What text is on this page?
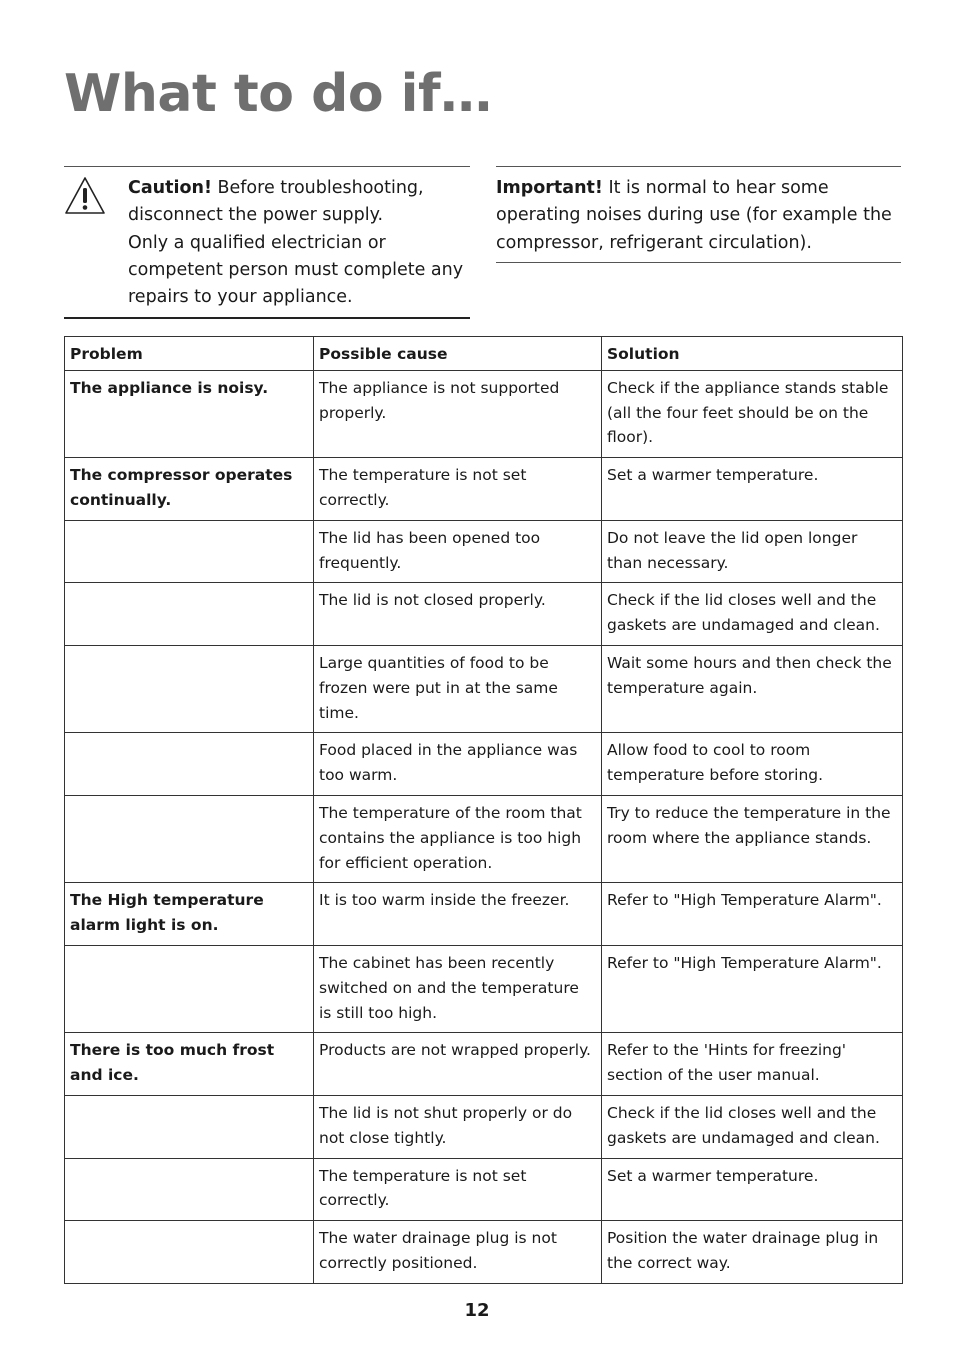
What to do if…
Caution! Before troubleshooting, disconnect the power supply.
Only a qualified electrician or competent person must complete any repairs to your appliance.
Important! It is normal to hear some operating noises during use (for example the compressor, refrigerant circulation).
Problem	Possible cause	Solution
The appliance is noisy.	The appliance is not supported properly.	Check if the appliance stands stable (all the four feet should be on the floor).
The compressor operates continually.	The temperature is not set correctly.	Set a warmer temperature.
	The lid has been opened too frequently.	Do not leave the lid open longer than necessary.
	The lid is not closed properly.	Check if the lid closes well and the gaskets are undamaged and clean.
	Large quantities of food to be frozen were put in at the same time.	Wait some hours and then check the temperature again.
	Food placed in the appliance was too warm.	Allow food to cool to room temperature before storing.
	The temperature of the room that contains the appliance is too high for efficient operation.	Try to reduce the temperature in the room where the appliance stands.
The High temperature alarm light is on.	It is too warm inside the freezer.	Refer to "High Temperature Alarm".
	The cabinet has been recently switched on and the temperature is still too high.	Refer to "High Temperature Alarm".
There is too much frost and ice.	Products are not wrapped properly.	Refer to the 'Hints for freezing' section of the user manual.
	The lid is not shut properly or do not close tightly.	Check if the lid closes well and the gaskets are undamaged and clean.
	The temperature is not set correctly.	Set a warmer temperature.
	The water drainage plug is not correctly positioned.	Position the water drainage plug in the correct way.
12
